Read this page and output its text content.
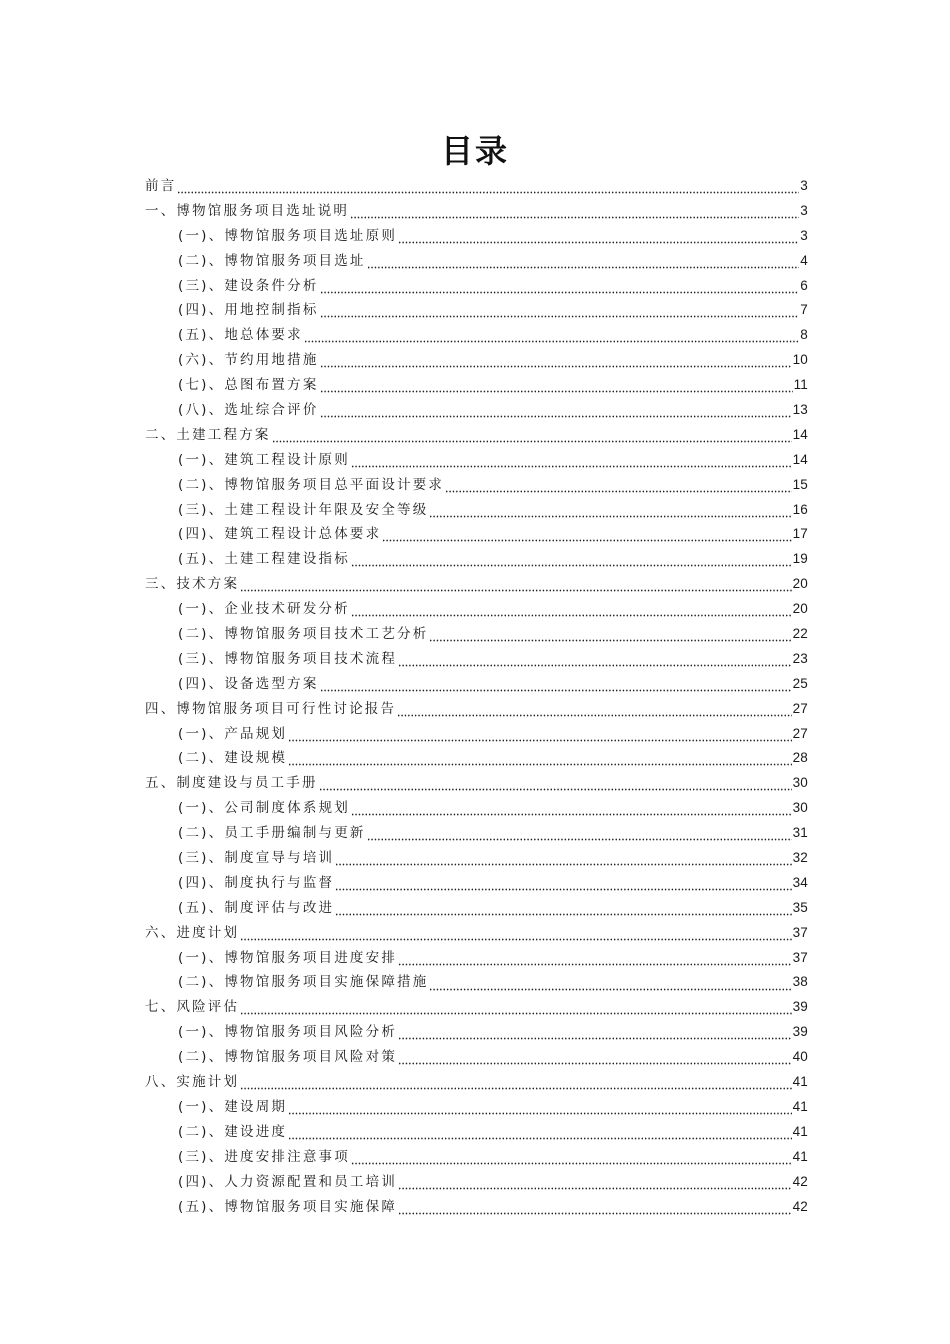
目录
前言	3
一、博物馆服务项目选址说明	3
(一)、博物馆服务项目选址原则	3
(二)、博物馆服务项目选址	4
(三)、建设条件分析	6
(四)、用地控制指标	7
(五)、地总体要求	8
(六)、节约用地措施	10
(七)、总图布置方案	11
(八)、选址综合评价	13
二、土建工程方案	14
(一)、建筑工程设计原则	14
(二)、博物馆服务项目总平面设计要求	15
(三)、土建工程设计年限及安全等级	16
(四)、建筑工程设计总体要求	17
(五)、土建工程建设指标	19
三、技术方案	20
(一)、企业技术研发分析	20
(二)、博物馆服务项目技术工艺分析	22
(三)、博物馆服务项目技术流程	23
(四)、设备选型方案	25
四、博物馆服务项目可行性讨论报告	27
(一)、产品规划	27
(二)、建设规模	28
五、制度建设与员工手册	30
(一)、公司制度体系规划	30
(二)、员工手册编制与更新	31
(三)、制度宣导与培训	32
(四)、制度执行与监督	34
(五)、制度评估与改进	35
六、进度计划	37
(一)、博物馆服务项目进度安排	37
(二)、博物馆服务项目实施保障措施	38
七、风险评估	39
(一)、博物馆服务项目风险分析	39
(二)、博物馆服务项目风险对策	40
八、实施计划	41
(一)、建设周期	41
(二)、建设进度	41
(三)、进度安排注意事项	41
(四)、人力资源配置和员工培训	42
(五)、博物馆服务项目实施保障	42
